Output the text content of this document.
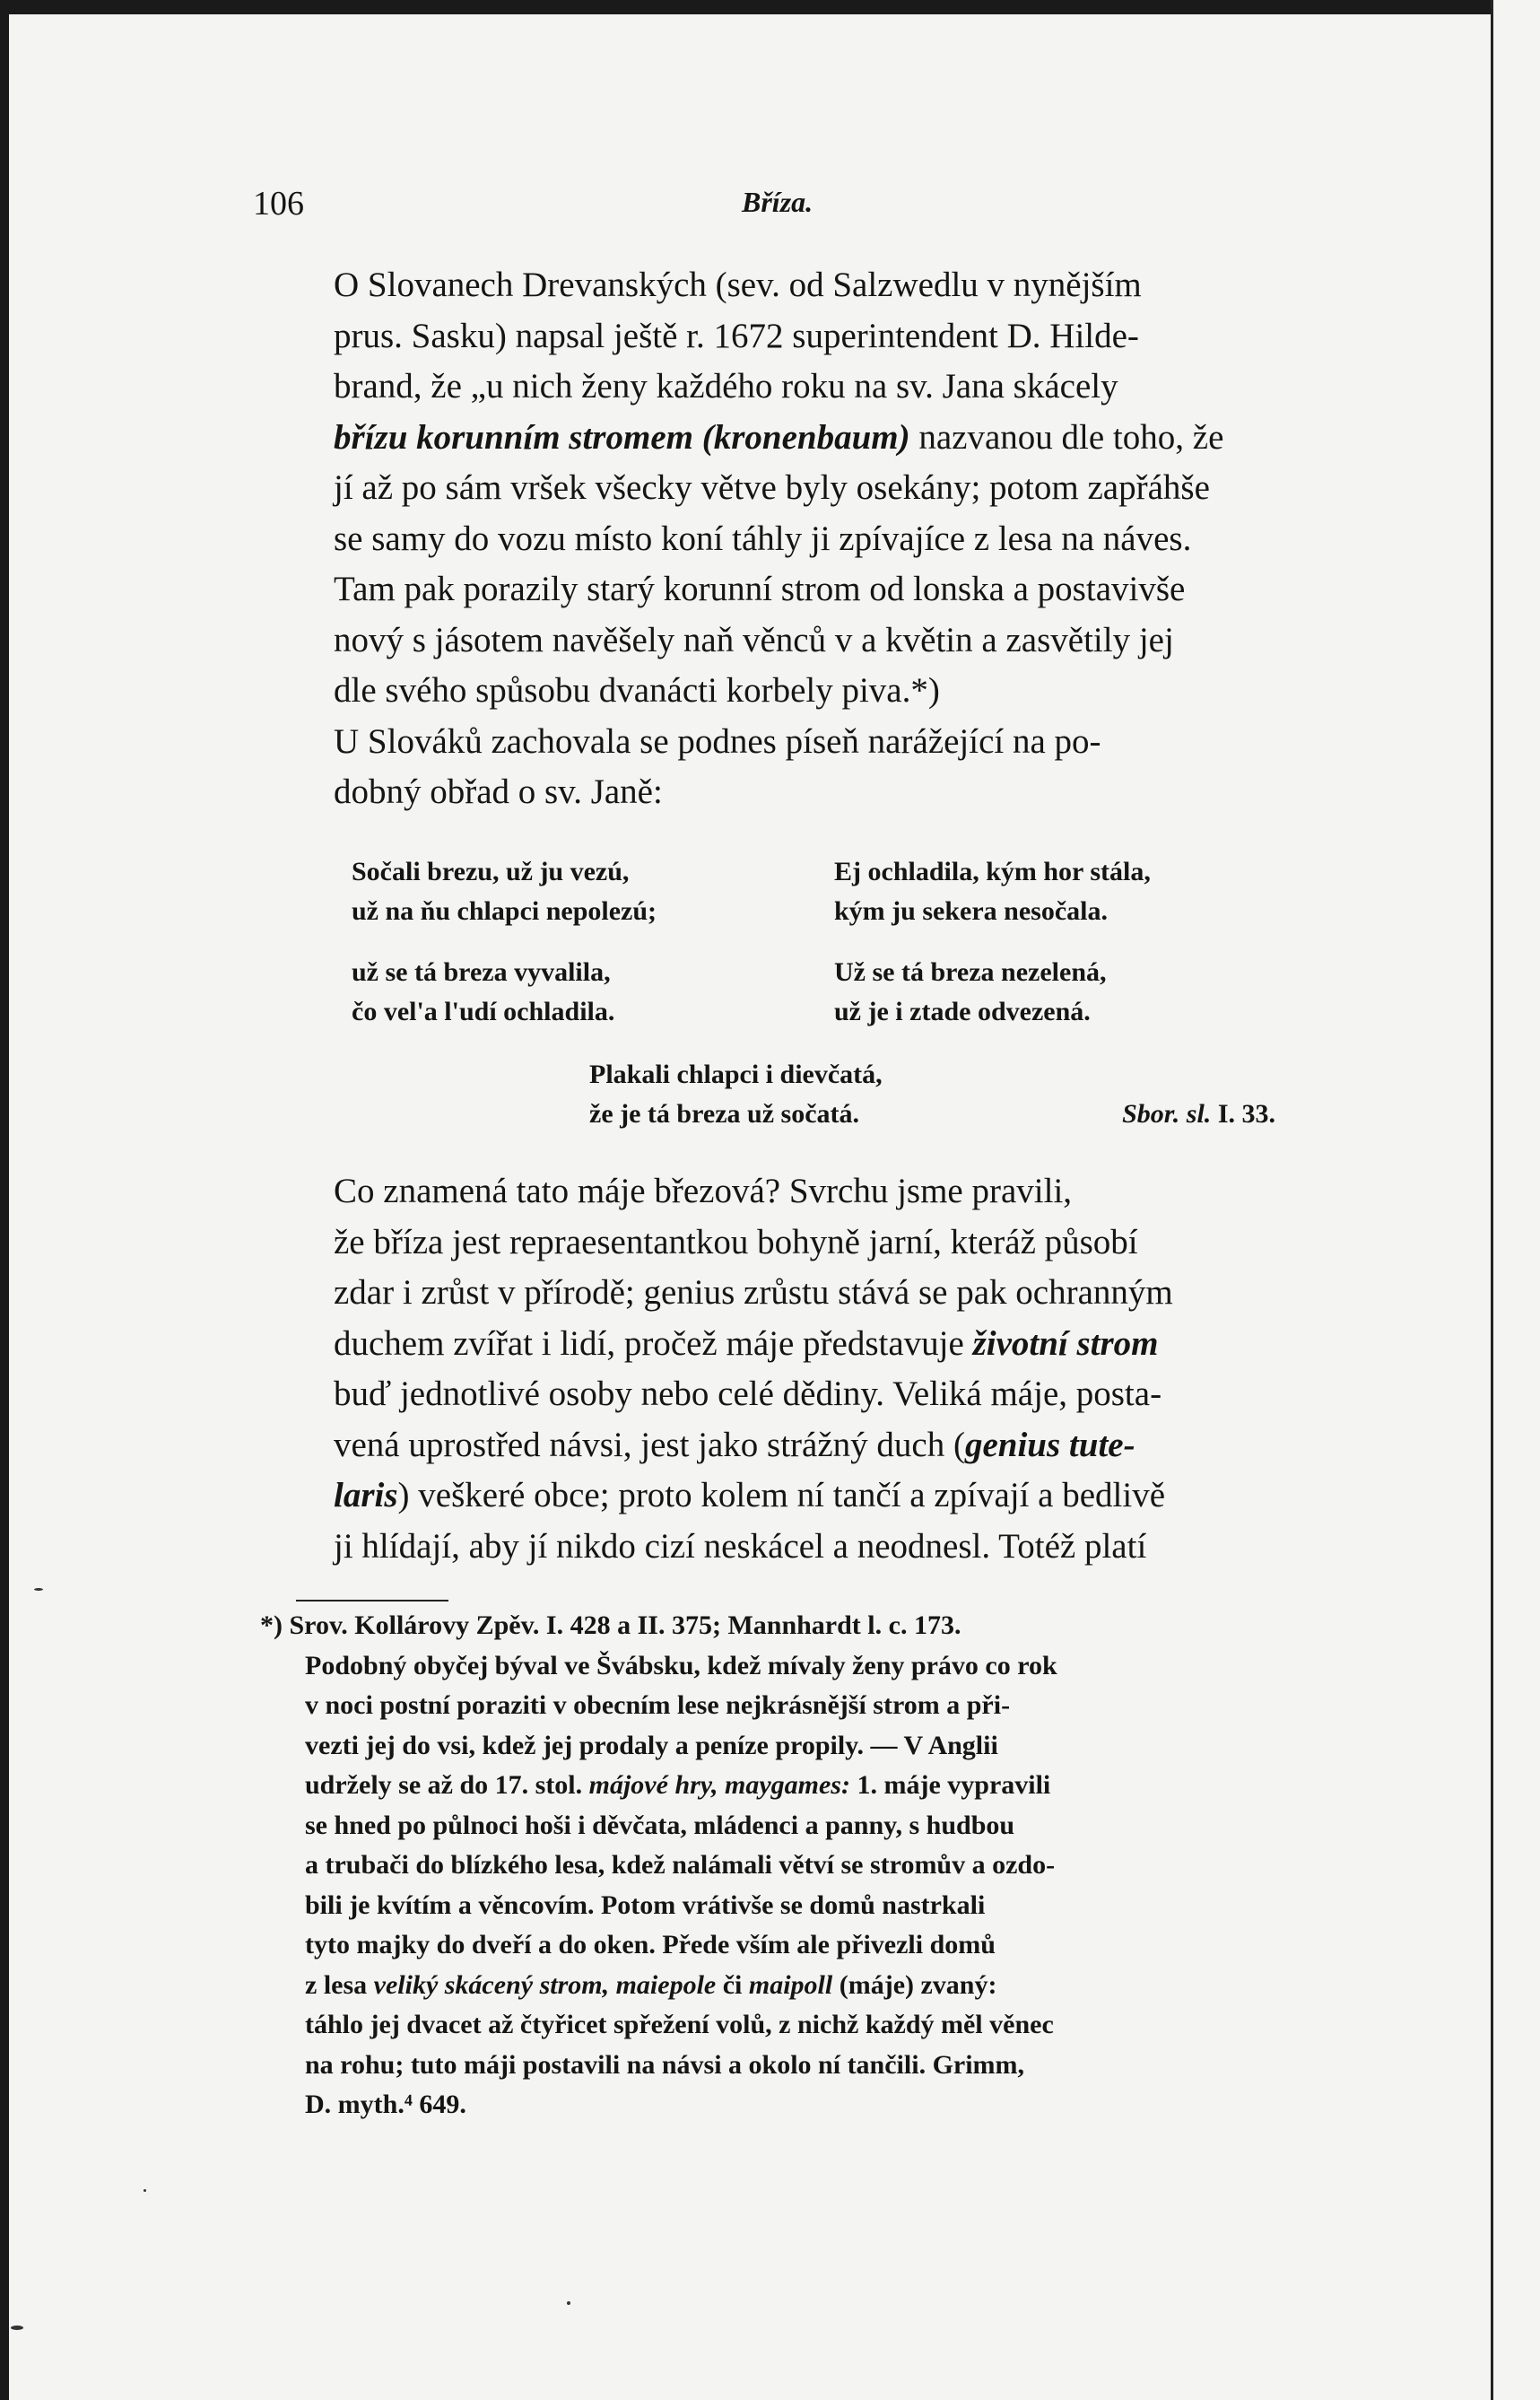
106	Bříza.

O Slovanech Drevanských (sev. od Salzwedlu v nynějším
prus. Sasku) napsal ještě r. 1672 superintendent D. Hilde-
brand, že „u nich ženy každého roku na sv. Jana skácely
břízu korunním stromem (kronenbaum) nazvanou dle toho, že
jí až po sám vršek všecky větve byly osekány; potom zapřáhše
se samy do vozu místo koní táhly ji zpívajíce z lesa na náves.
Tam pak porazily starý korunní strom od lonska a postavivše
nový s jásotem navěšely naň věnců v a květin a zasvětily jej
dle svého spůsobu dvanácti korbely piva.*)

U Slováků zachovala se podnes píseň narážející na po-
dobný obřad o sv. Janě:

Sočali brezu, už ju vezú,
už na ňu chlapci nepolezú;
Ej ochladila, kým hor stála,
kým ju sekera nesočala.
už se tá breza vyvalila,
čo vel'a l'udí ochladila.
Už se tá breza nezelená,
už je i ztade odvezená.
Plakali chlapci i dievčatá,
že je tá breza už sočatá.	Sbor. sl. I. 33.

Co znamená tato máje březová? Svrchu jsme pravili,
že bříza jest repraesentantkou bohyně jarní, kteráž působí
zdar i zrůst v přírodě; genius zrůstu stává se pak ochranným
duchem zvířat i lidí, pročež máje představuje životní strom
buď jednotlivé osoby nebo celé dědiny. Veliká máje, posta-
vená uprostřed návsi, jest jako strážný duch (genius tute-
laris) veškeré obce; proto kolem ní tančí a zpívají a bedlivě
ji hlídají, aby jí nikdo cizí neskácel a neodnesl. Totéž platí

*) Srov. Kollárovy Zpěv. I. 428 a II. 375; Mannhardt l. c. 173.
Podobný obyčej býval ve Švábsku, kdež mívaly ženy právo co rok
v noci postní poraziti v obecním lese nejkrásnější strom a při-
vezti jej do vsi, kdež jej prodaly a peníze propily. — V Anglii
udržely se až do 17. stol. májové hry, maygames: 1. máje vypravili
se hned po půlnoci hoši i děvčata, mládenci a panny, s hudbou
a trubači do blízkého lesa, kdež nalámali větví se stromův a ozdo-
bili je kvítím a věncovím. Potom vrátivše se domů nastrkali
tyto majky do dveří a do oken. Přede vším ale přivezli domů
z lesa veliký skácený strom, maiepole či maipoll (máje) zvaný:
táhlo jej dvacet až čtyřicet spřežení volů, z nichž každý měl věnec
na rohu; tuto máji postavili na návsi a okolo ní tančili. Grimm,
D. myth.⁴ 649.
